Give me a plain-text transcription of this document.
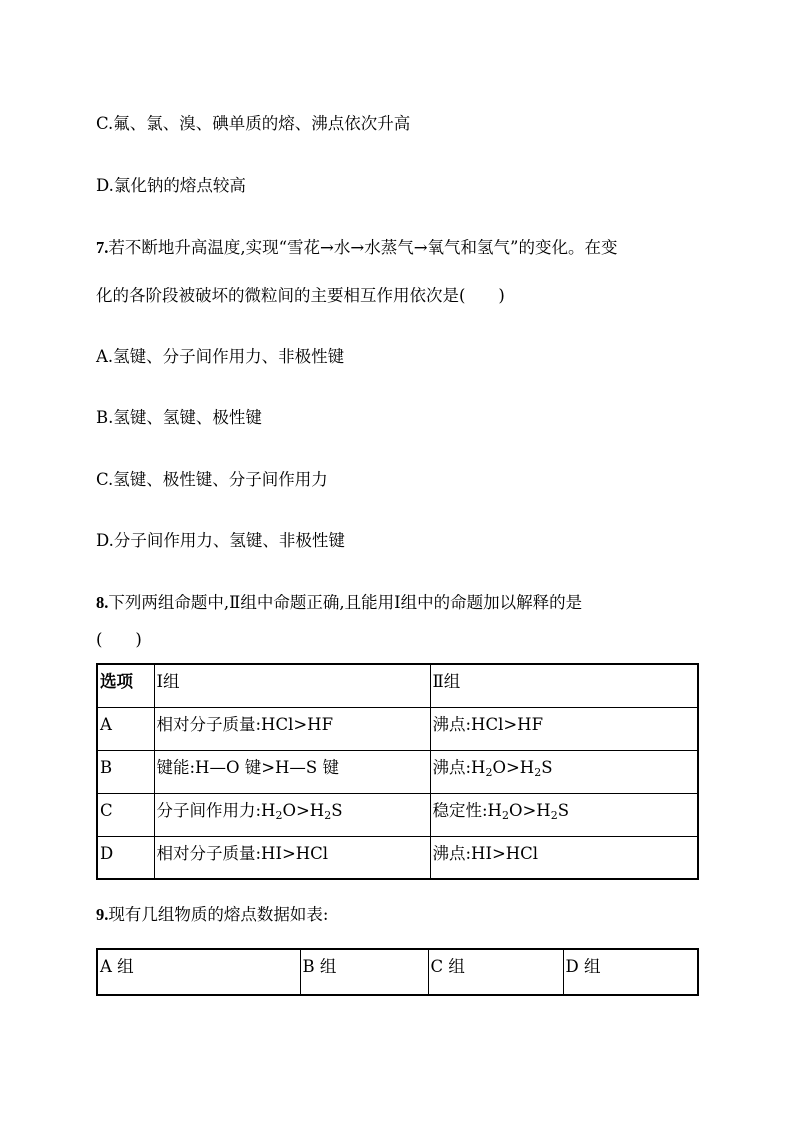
C.氟、氯、溴、碘单质的熔、沸点依次升高
D.氯化钠的熔点较高
7.若不断地升高温度,实现“雪花→水→水蒸气→氧气和氢气”的变化。在变
化的各阶段被破坏的微粒间的主要相互作用依次是(　　)
A.氢键、分子间作用力、非极性键
B.氢键、氢键、极性键
C.氢键、极性键、分子间作用力
D.分子间作用力、氢键、非极性键
8.下列两组命题中,Ⅱ组中命题正确,且能用Ⅰ组中的命题加以解释的是
(　　)
选项	Ⅰ组	Ⅱ组
A	相对分子质量:HCl>HF	沸点:HCl>HF
B	键能:H—O 键>H—S 键	沸点$:H_2O>H_2S$
C	分子间作用力$:H_2O>H_2S$	稳定性$:H_2O>H_2S$
D	相对分子质量:HI>HCl	沸点:HI>HCl
9.现有几组物质的熔点数据如表:
A 组	B 组	C 组	D 组
